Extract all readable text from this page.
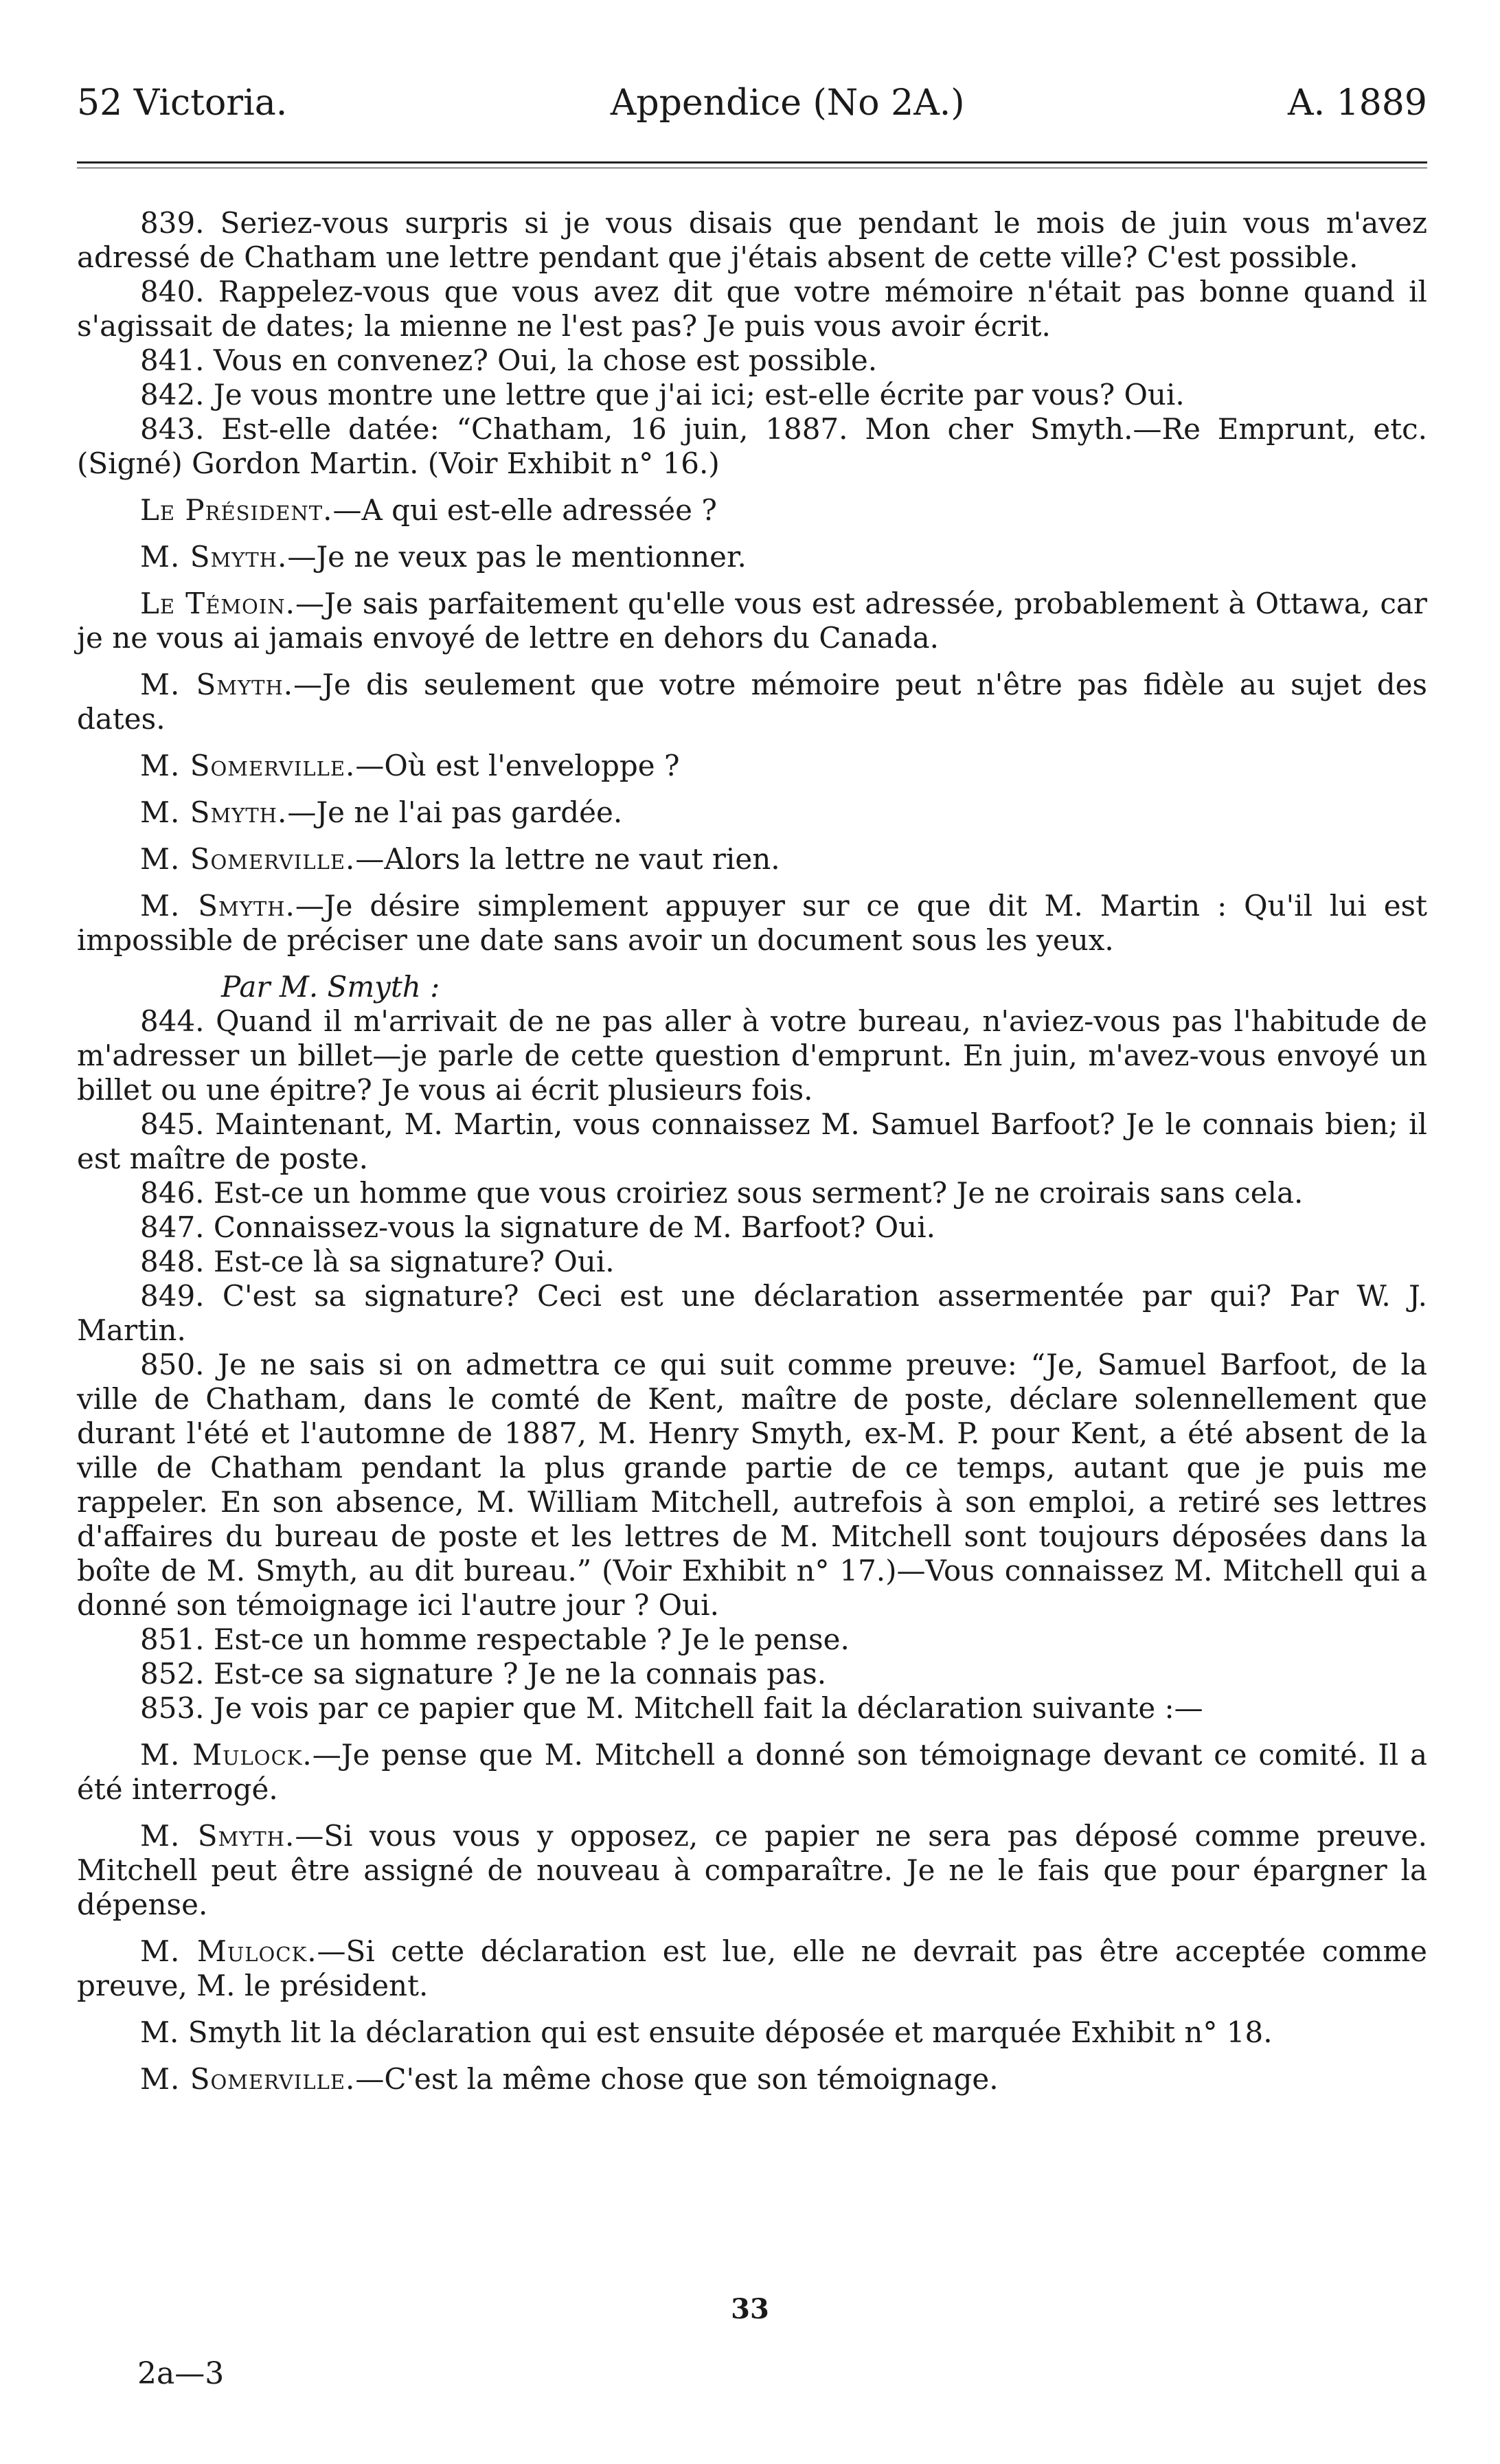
52 Victoria.	Appendice (No 2A.)	A. 1889

839. Seriez-vous surpris si je vous disais que pendant le mois de juin vous m'avez adressé de Chatham une lettre pendant que j'étais absent de cette ville? C'est possible.

840. Rappelez-vous que vous avez dit que votre mémoire n'était pas bonne quand il s'agissait de dates; la mienne ne l'est pas? Je puis vous avoir écrit.

841. Vous en convenez? Oui, la chose est possible.

842. Je vous montre une lettre que j'ai ici; est-elle écrite par vous? Oui.

843. Est-elle datée: “Chatham, 16 juin, 1887. Mon cher Smyth.—Re Emprunt, etc. (Signé) Gordon Martin. (Voir Exhibit n° 16.)

Le Président.—A qui est-elle adressée ?

M. Smyth.—Je ne veux pas le mentionner.

Le Témoin.—Je sais parfaitement qu'elle vous est adressée, probablement à Ottawa, car je ne vous ai jamais envoyé de lettre en dehors du Canada.

M. Smyth.—Je dis seulement que votre mémoire peut n'être pas fidèle au sujet des dates.

M. Somerville.—Où est l'enveloppe ?

M. Smyth.—Je ne l'ai pas gardée.

M. Somerville.—Alors la lettre ne vaut rien.

M. Smyth.—Je désire simplement appuyer sur ce que dit M. Martin : Qu'il lui est impossible de préciser une date sans avoir un document sous les yeux.

Par M. Smyth :

844. Quand il m'arrivait de ne pas aller à votre bureau, n'aviez-vous pas l'habitude de m'adresser un billet—je parle de cette question d'emprunt. En juin, m'avez-vous envoyé un billet ou une épitre? Je vous ai écrit plusieurs fois.

845. Maintenant, M. Martin, vous connaissez M. Samuel Barfoot? Je le connais bien; il est maître de poste.

846. Est-ce un homme que vous croiriez sous serment? Je ne croirais sans cela.

847. Connaissez-vous la signature de M. Barfoot? Oui.

848. Est-ce là sa signature? Oui.

849. C'est sa signature? Ceci est une déclaration assermentée par qui? Par W. J. Martin.

850. Je ne sais si on admettra ce qui suit comme preuve: “Je, Samuel Barfoot, de la ville de Chatham, dans le comté de Kent, maître de poste, déclare solennellement que durant l'été et l'automne de 1887, M. Henry Smyth, ex-M. P. pour Kent, a été absent de la ville de Chatham pendant la plus grande partie de ce temps, autant que je puis me rappeler. En son absence, M. William Mitchell, autrefois à son emploi, a retiré ses lettres d'affaires du bureau de poste et les lettres de M. Mitchell sont toujours déposées dans la boîte de M. Smyth, au dit bureau.” (Voir Exhibit n° 17.)—Vous connaissez M. Mitchell qui a donné son témoignage ici l'autre jour ? Oui.

851. Est-ce un homme respectable ? Je le pense.

852. Est-ce sa signature ? Je ne la connais pas.

853. Je vois par ce papier que M. Mitchell fait la déclaration suivante :—

M. Mulock.—Je pense que M. Mitchell a donné son témoignage devant ce comité. Il a été interrogé.

M. Smyth.—Si vous vous y opposez, ce papier ne sera pas déposé comme preuve. Mitchell peut être assigné de nouveau à comparaître. Je ne le fais que pour épargner la dépense.

M. Mulock.—Si cette déclaration est lue, elle ne devrait pas être acceptée comme preuve, M. le président.

M. Smyth lit la déclaration qui est ensuite déposée et marquée Exhibit n° 18.

M. Somerville.—C'est la même chose que son témoignage.

33
2a—3
